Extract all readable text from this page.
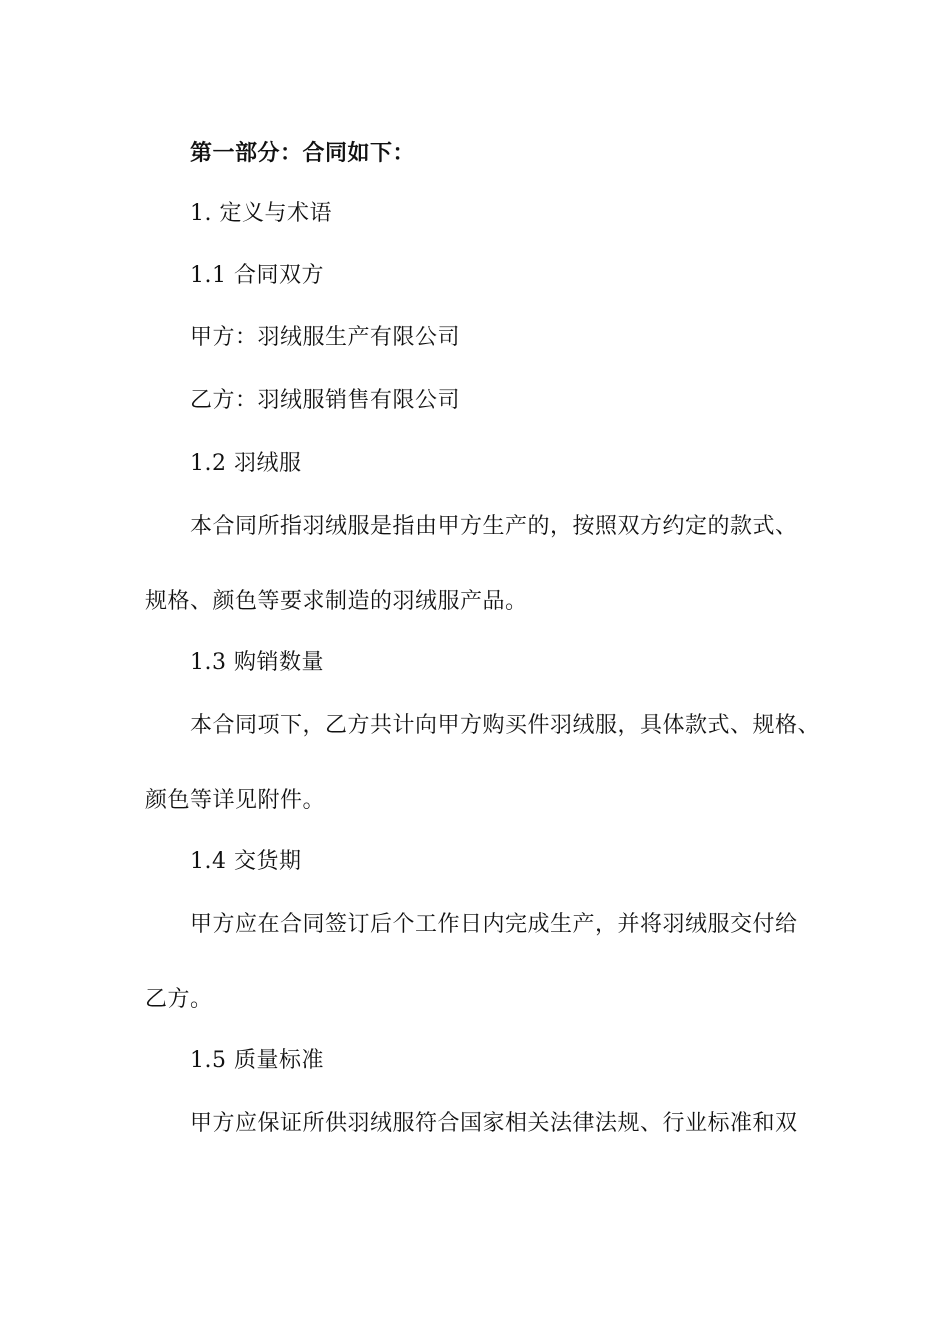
第一部分：合同如下：
1. 定义与术语
1.1 合同双方
甲方：羽绒服生产有限公司
乙方：羽绒服销售有限公司
1.2 羽绒服
本合同所指羽绒服是指由甲方生产的，按照双方约定的款式、
规格、颜色等要求制造的羽绒服产品。
1.3 购销数量
本合同项下，乙方共计向甲方购买件羽绒服，具体款式、规格、
颜色等详见附件。
1.4 交货期
甲方应在合同签订后个工作日内完成生产，并将羽绒服交付给
乙方。
1.5 质量标准
甲方应保证所供羽绒服符合国家相关法律法规、行业标准和双
